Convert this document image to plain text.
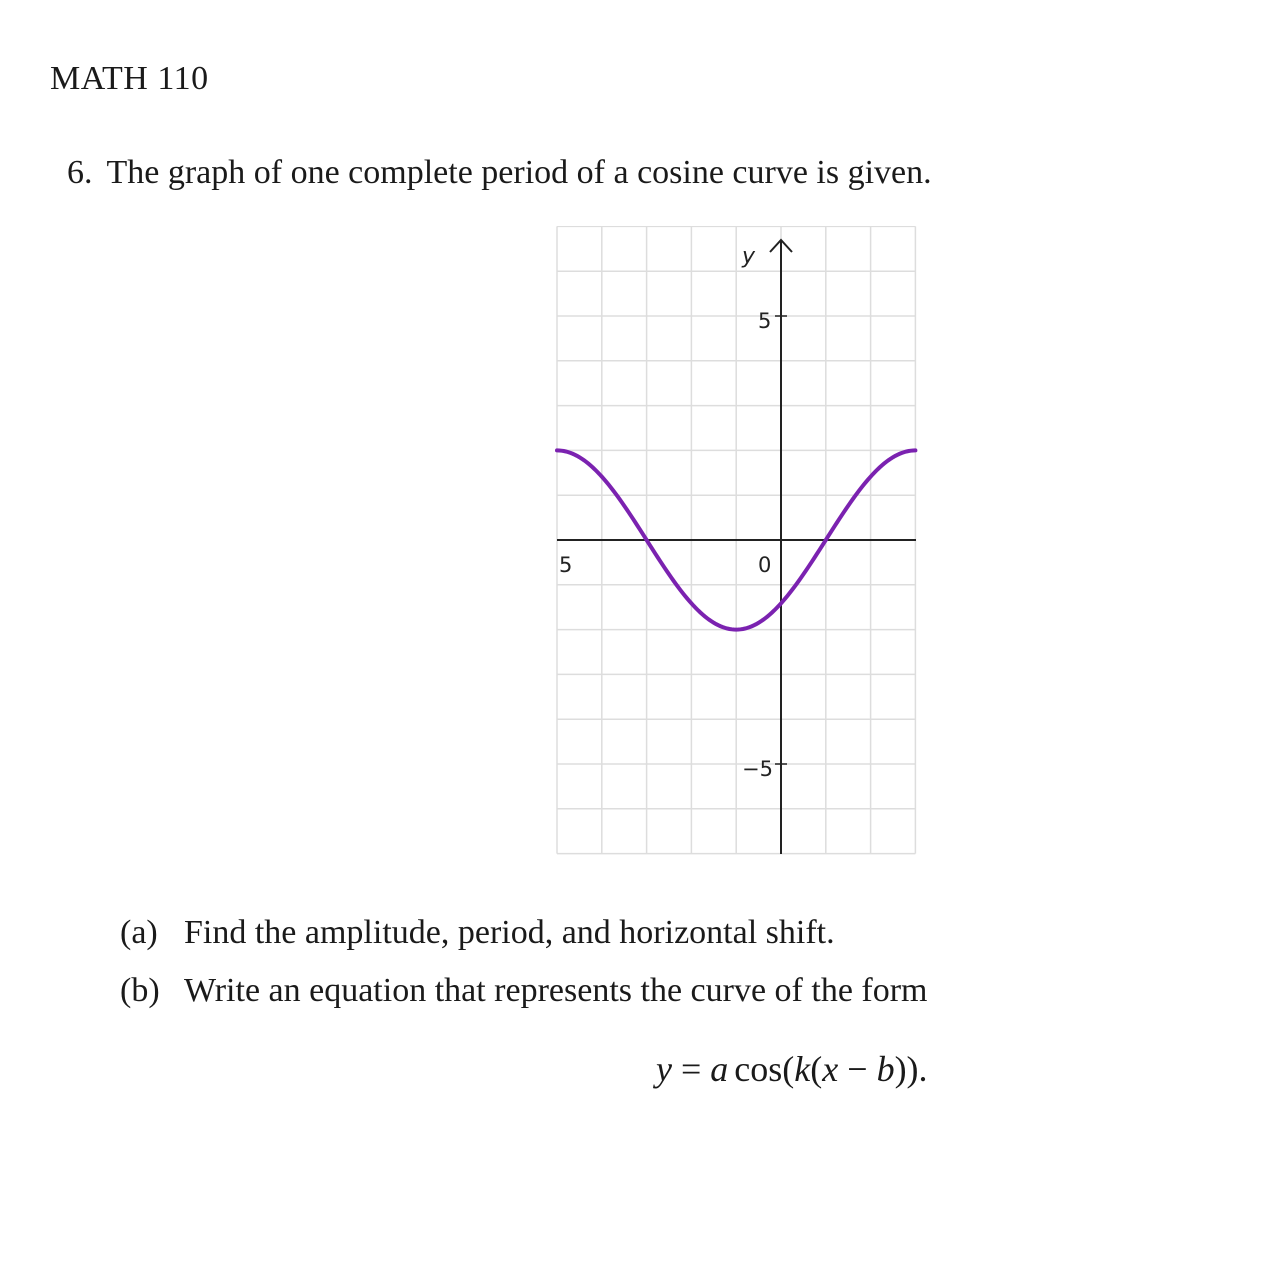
MATH 110
6. The graph of one complete period of a cosine curve is given.
y
5
−5
5	0
(a) Find the amplitude, period, and horizontal shift.
(b) Write an equation that represents the curve of the form
y = a cos(k(x − b)).
